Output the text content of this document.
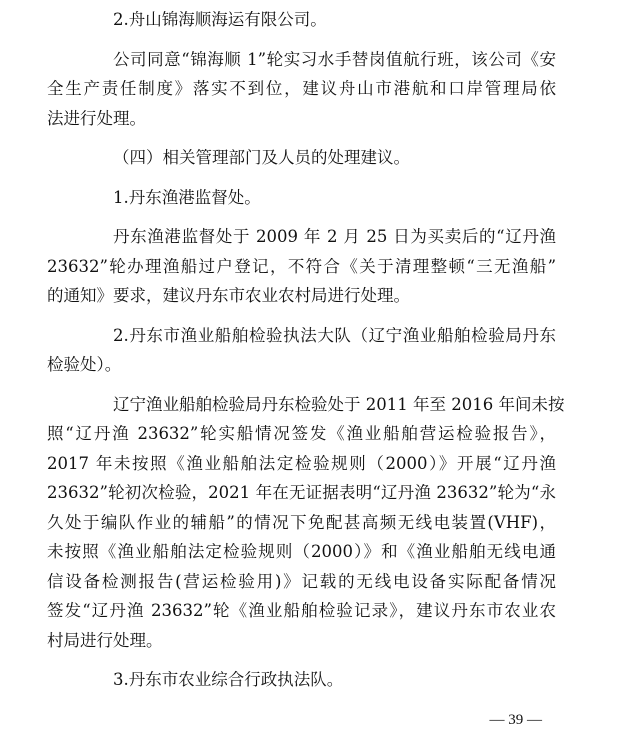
2.舟山锦海顺海运有限公司。

公司同意“锦海顺 1”轮实习水手替岗值航行班，该公司《安
全生产责任制度》落实不到位，建议舟山市港航和口岸管理局依
法进行处理。

（四）相关管理部门及人员的处理建议。

1.丹东渔港监督处。

丹东渔港监督处于 2009 年 2 月 25 日为买卖后的“辽丹渔
23632”轮办理渔船过户登记，不符合《关于清理整顿“三无渔船”
的通知》要求，建议丹东市农业农村局进行处理。

2.丹东市渔业船舶检验执法大队（辽宁渔业船舶检验局丹东
检验处）。

辽宁渔业船舶检验局丹东检验处于 2011 年至 2016 年间未按
照“辽丹渔 23632”轮实船情况签发《渔业船舶营运检验报告》，
2017 年未按照《渔业船舶法定检验规则（2000）》开展“辽丹渔
23632”轮初次检验，2021 年在无证据表明“辽丹渔 23632”轮为“永
久处于编队作业的辅船”的情况下免配甚高频无线电装置(VHF)，
未按照《渔业船舶法定检验规则（2000）》和《渔业船舶无线电通
信设备检测报告(营运检验用)》记载的无线电设备实际配备情况
签发“辽丹渔 23632”轮《渔业船舶检验记录》，建议丹东市农业农
村局进行处理。

3.丹东市农业综合行政执法队。

— 39 —
